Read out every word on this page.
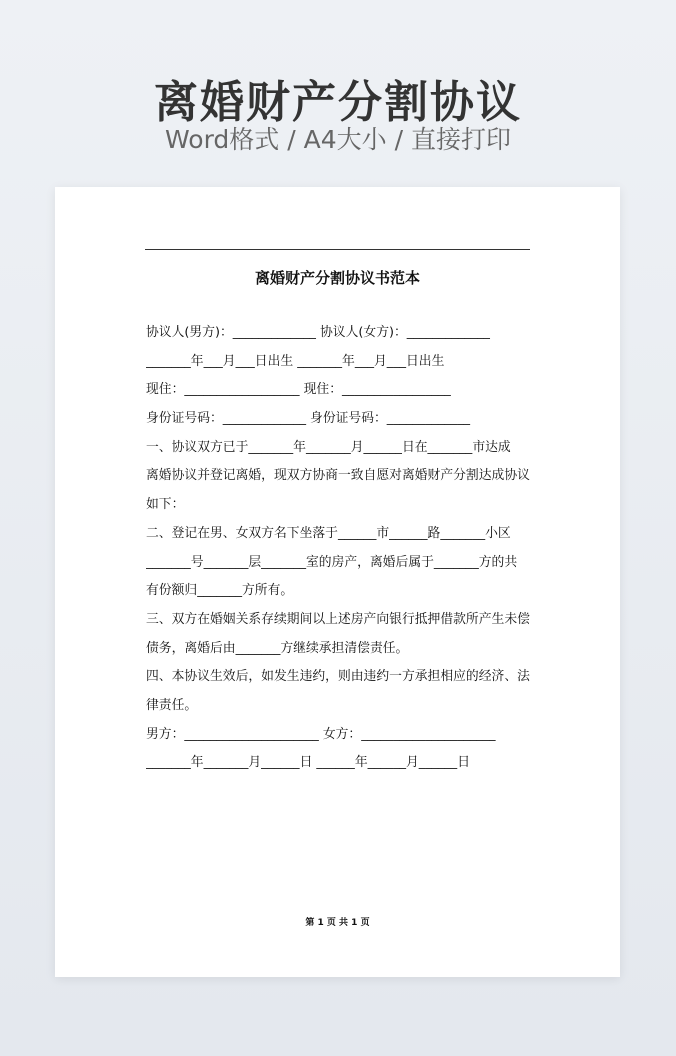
离婚财产分割协议
Word格式 / A4大小 / 直接打印
离婚财产分割协议书范本
协议人(男方)：_____________ 协议人(女方)：_____________
_______年___月___日出生 _______年___月___日出生
现住：__________________ 现住：_________________
身份证号码：_____________ 身份证号码：_____________
一、协议双方已于_______年_______月______日在_______市达成
离婚协议并登记离婚，现双方协商一致自愿对离婚财产分割达成协议
如下：
二、登记在男、女双方名下坐落于______市______路_______小区
_______号_______层_______室的房产，离婚后属于_______方的共
有份额归_______方所有。
三、双方在婚姻关系存续期间以上述房产向银行抵押借款所产生未偿
债务，离婚后由_______方继续承担清偿责任。
四、本协议生效后，如发生违约，则由违约一方承担相应的经济、法
律责任。
男方：_____________________ 女方：_____________________
_______年_______月______日 ______年______月______日
第 1 页 共 1 页
